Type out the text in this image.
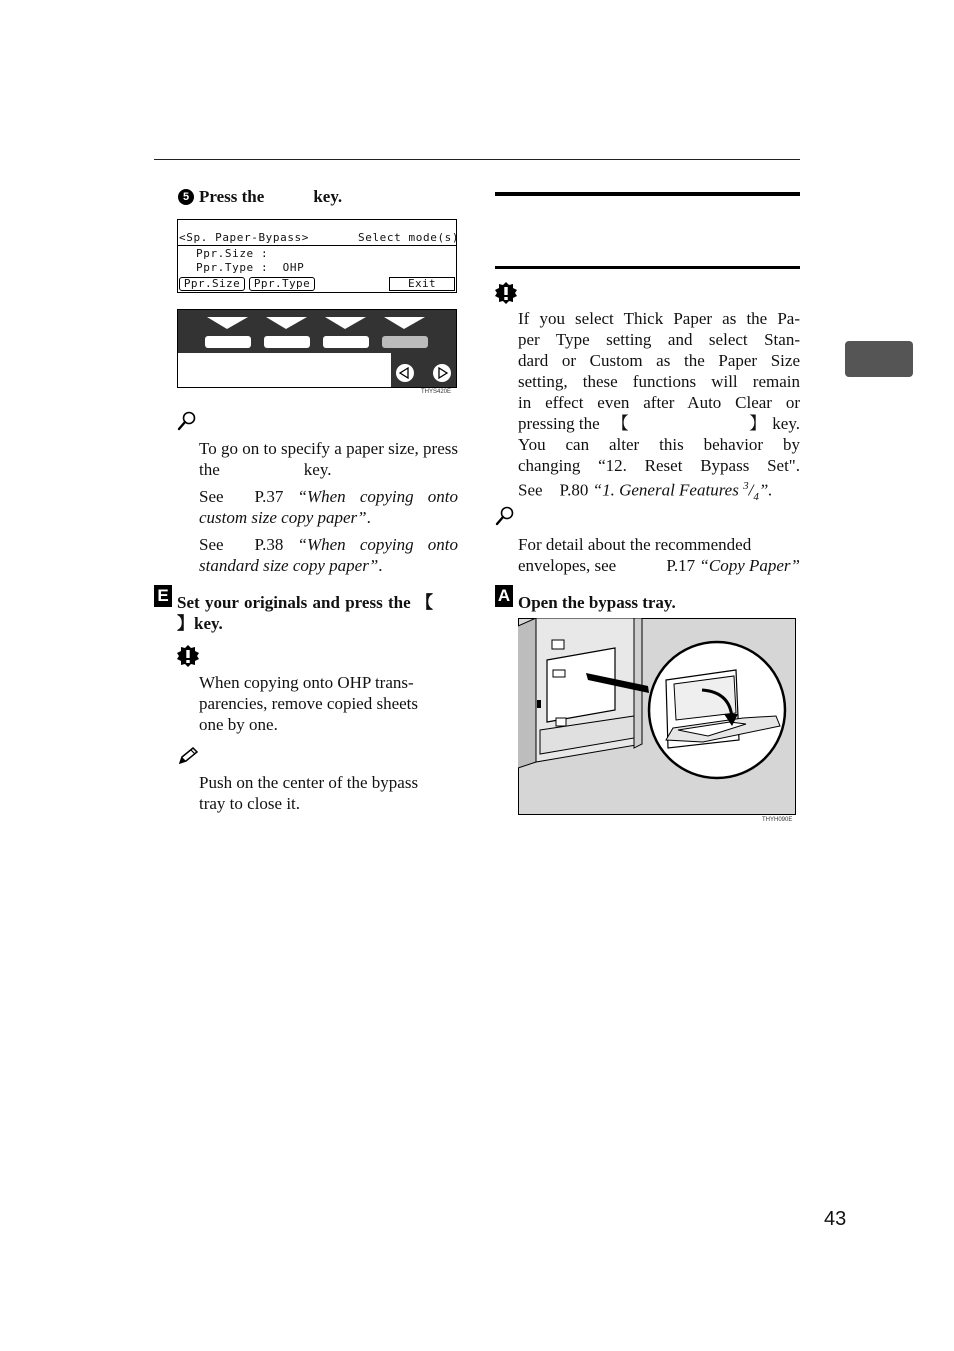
5 Press the	key.
<Sp. Paper-Bypass>	Select mode(s)
Ppr.Size :
Ppr.Type :  OHP
Ppr.Size	Ppr.Type	Exit
THYS420E
To go on to specify a paper size, press the	key.
See P.37 “When copying onto custom size copy paper”.
See P.38 “When copying onto standard size copy paper”.
E Set your originals and press the 【】key.
When copying onto OHP trans-
parencies, remove copied sheets
one by one.
Push on the center of the bypass
tray to close it.
If you select Thick Paper as the Pa-
per Type setting and select Stan-
dard or Custom as the Paper Size
setting, these functions will remain
in effect even after Auto Clear or
pressing the 【	】 key.
You can alter this behavior by
changing “12. Reset Bypass Set".
See P.80 “1. General Features $^3/_4$”.
For detail about the recommended
envelopes, see	P.17 “Copy Paper”
A Open the bypass tray.
THYH090E
43
